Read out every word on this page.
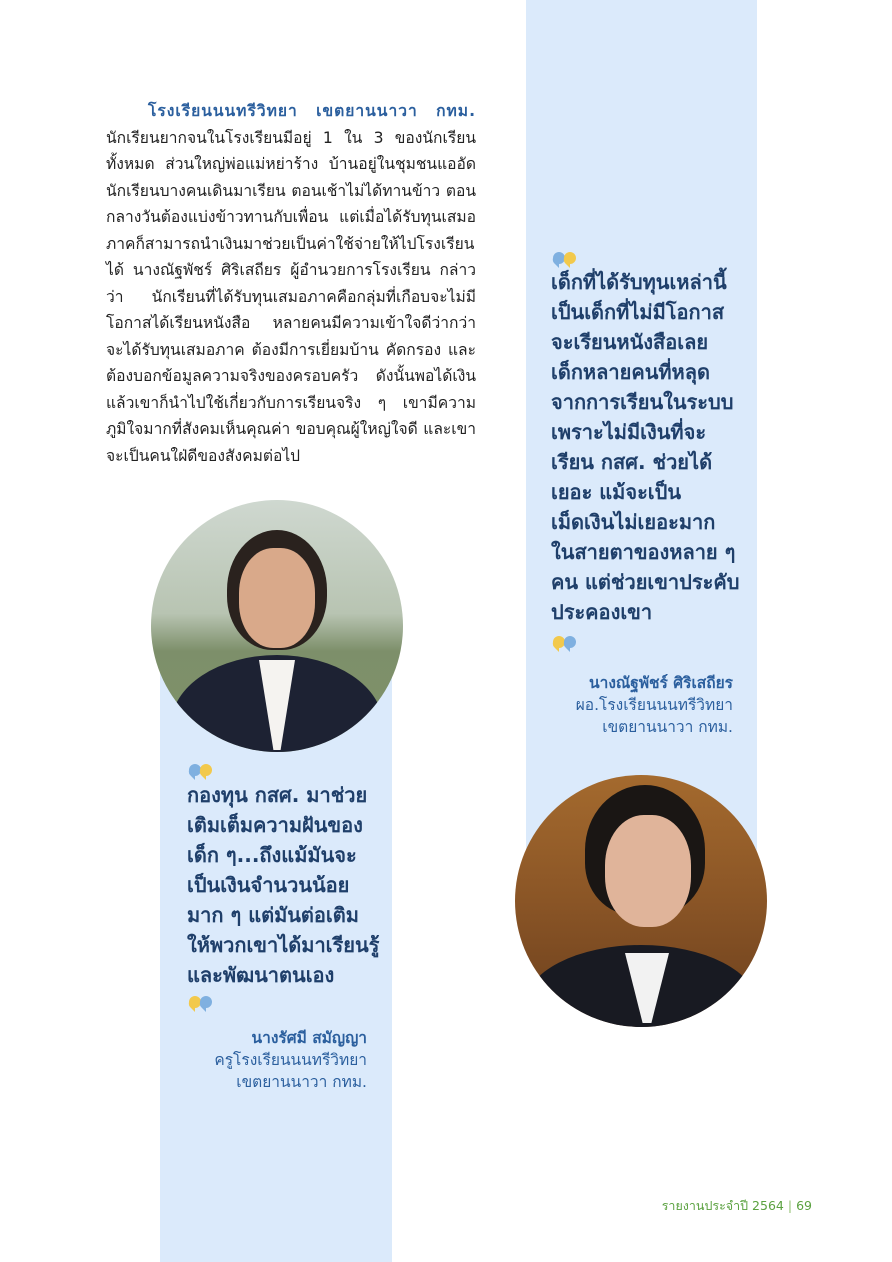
โรงเรียนนนทรีวิทยา เขตยานนาวา กทม. นักเรียนยากจนในโรงเรียนมีอยู่ 1 ใน 3 ของนักเรียนทั้งหมด ส่วนใหญ่พ่อแม่หย่าร้าง บ้านอยู่ในชุมชนแออัด นักเรียนบางคนเดินมาเรียน ตอนเช้าไม่ได้ทานข้าว ตอนกลางวันต้องแบ่งข้าวทานกับเพื่อน แต่เมื่อได้รับทุนเสมอภาคก็สามารถนำเงินมาช่วยเป็นค่าใช้จ่ายให้ไปโรงเรียนได้ นางณัฐพัชร์ ศิริเสถียร ผู้อำนวยการโรงเรียน กล่าวว่า นักเรียนที่ได้รับทุนเสมอภาคคือกลุ่มที่เกือบจะไม่มีโอกาสได้เรียนหนังสือ หลายคนมีความเข้าใจดีว่ากว่าจะได้รับทุนเสมอภาค ต้องมีการเยี่ยมบ้าน คัดกรอง และต้องบอกข้อมูลความจริงของครอบครัว ดังนั้นพอได้เงินแล้วเขาก็นำไปใช้เกี่ยวกับการเรียนจริง ๆ เขามีความภูมิใจมากที่สังคมเห็นคุณค่า ขอบคุณผู้ใหญ่ใจดี และเขาจะเป็นคนใฝ่ดีของสังคมต่อไป

เด็กที่ได้รับทุนเหล่านี้
เป็นเด็กที่ไม่มีโอกาส
จะเรียนหนังสือเลย
เด็กหลายคนที่หลุด
จากการเรียนในระบบ
เพราะไม่มีเงินที่จะ
เรียน กสศ. ช่วยได้
เยอะ แม้จะเป็น
เม็ดเงินไม่เยอะมาก
ในสายตาของหลาย ๆ
คน แต่ช่วยเขาประคับ
ประคองเขา

นางณัฐพัชร์ ศิริเสถียร
ผอ.โรงเรียนนนทรีวิทยา
เขตยานนาวา กทม.

กองทุน กสศ. มาช่วย
เติมเต็มความฝันของ
เด็ก ๆ...ถึงแม้มันจะ
เป็นเงินจำนวนน้อย
มาก ๆ แต่มันต่อเติม
ให้พวกเขาได้มาเรียนรู้
และพัฒนาตนเอง

นางรัศมี สมัญญา
ครูโรงเรียนนนทรีวิทยา
เขตยานนาวา กทม.
รายงานประจำปี 2564 | 69
